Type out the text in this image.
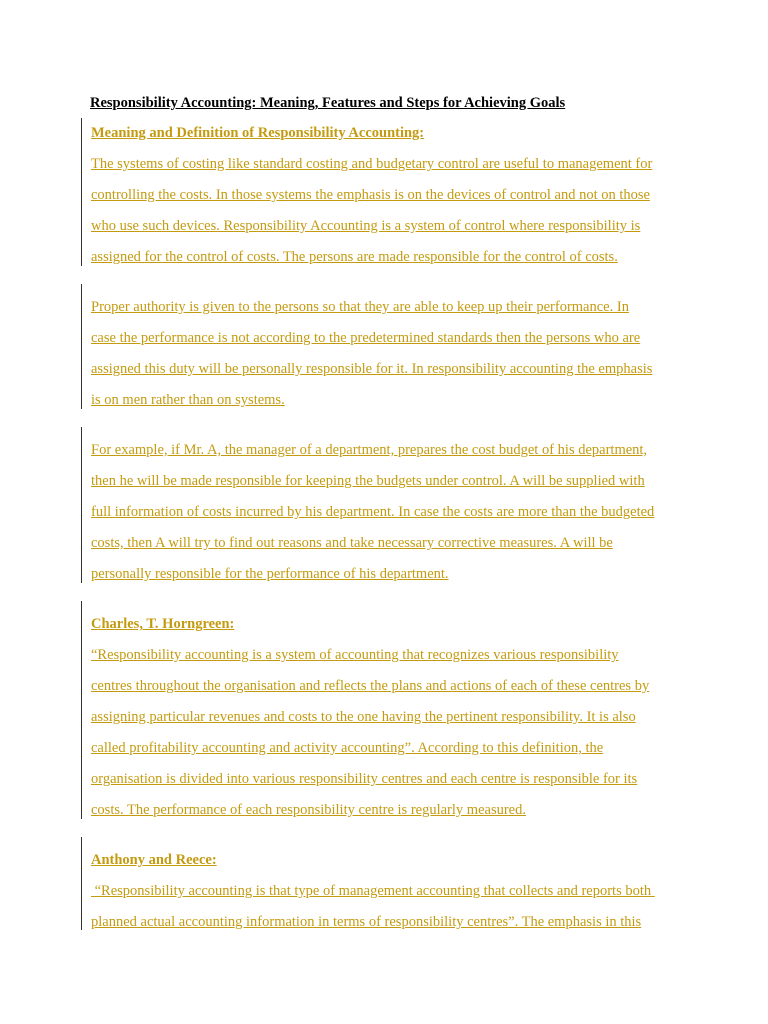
Responsibility Accounting: Meaning, Features and Steps for Achieving Goals
Meaning and Definition of Responsibility Accounting:
The systems of costing like standard costing and budgetary control are useful to management for
controlling the costs. In those systems the emphasis is on the devices of control and not on those
who use such devices. Responsibility Accounting is a system of control where responsibility is
assigned for the control of costs. The persons are made responsible for the control of costs.
Proper authority is given to the persons so that they are able to keep up their performance. In
case the performance is not according to the predetermined standards then the persons who are
assigned this duty will be personally responsible for it. In responsibility accounting the emphasis
is on men rather than on systems.
For example, if Mr. A, the manager of a department, prepares the cost budget of his department,
then he will be made responsible for keeping the budgets under control. A will be supplied with
full information of costs incurred by his department. In case the costs are more than the budgeted
costs, then A will try to find out reasons and take necessary corrective measures. A will be
personally responsible for the performance of his department.
Charles, T. Horngreen:
“Responsibility accounting is a system of accounting that recognizes various responsibility
centres throughout the organisation and reflects the plans and actions of each of these centres by
assigning particular revenues and costs to the one having the pertinent responsibility. It is also
called profitability accounting and activity accounting”. According to this definition, the
organisation is divided into various responsibility centres and each centre is responsible for its
costs. The performance of each responsibility centre is regularly measured.
Anthony and Reece:
“Responsibility accounting is that type of management accounting that collects and reports both
planned actual accounting information in terms of responsibility centres”. The emphasis in this
